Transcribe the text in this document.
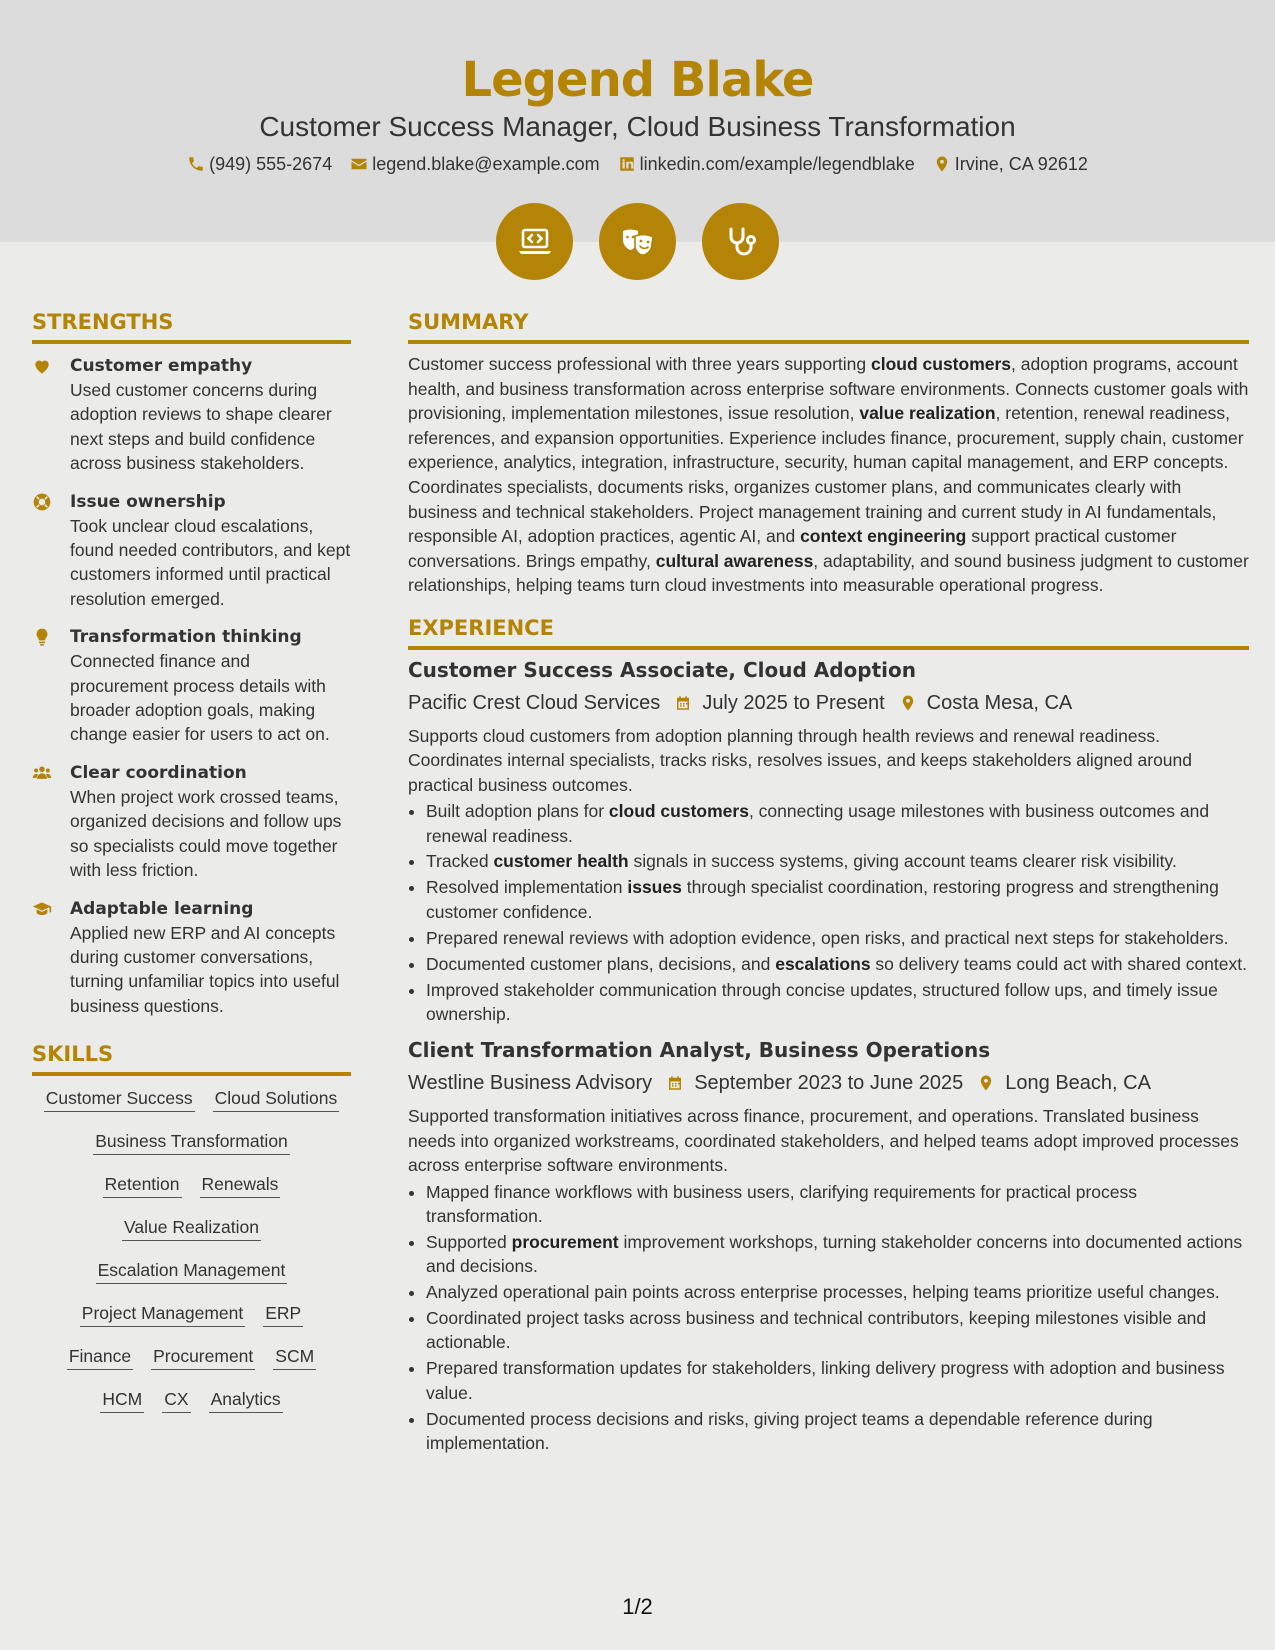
Legend Blake
Customer Success Manager, Cloud Business Transformation
(949) 555-2674 legend.blake@example.com linkedin.com/example/legendblake Irvine, CA 92612
STRENGTHS
Customer empathy
Used customer concerns during adoption reviews to shape clearer next steps and build confidence across business stakeholders.
Issue ownership
Took unclear cloud escalations, found needed contributors, and kept customers informed until practical resolution emerged.
Transformation thinking
Connected finance and procurement process details with broader adoption goals, making change easier for users to act on.
Clear coordination
When project work crossed teams, organized decisions and follow ups so specialists could move together with less friction.
Adaptable learning
Applied new ERP and AI concepts during customer conversations, turning unfamiliar topics into useful business questions.
SKILLS
Customer Success Cloud Solutions
Business Transformation
Retention Renewals
Value Realization
Escalation Management
Project Management ERP
Finance Procurement SCM
HCM CX Analytics
SUMMARY

Customer success professional with three years supporting cloud customers, adoption programs, account health, and business transformation across enterprise software environments. Connects customer goals with provisioning, implementation milestones, issue resolution, value realization, retention, renewal readiness, references, and expansion opportunities. Experience includes finance, procurement, supply chain, customer experience, analytics, integration, infrastructure, security, human capital management, and ERP concepts. Coordinates specialists, documents risks, organizes customer plans, and communicates clearly with business and technical stakeholders. Project management training and current study in AI fundamentals, responsible AI, adoption practices, agentic AI, and context engineering support practical customer conversations. Brings empathy, cultural awareness, adaptability, and sound business judgment to customer relationships, helping teams turn cloud investments into measurable operational progress.

EXPERIENCE
Customer Success Associate, Cloud Adoption
Pacific Crest Cloud Services July 2025 to Present Costa Mesa, CA
Supports cloud customers from adoption planning through health reviews and renewal readiness. Coordinates internal specialists, tracks risks, resolves issues, and keeps stakeholders aligned around practical business outcomes.
• Built adoption plans for cloud customers, connecting usage milestones with business outcomes and renewal readiness.
• Tracked customer health signals in success systems, giving account teams clearer risk visibility.
• Resolved implementation issues through specialist coordination, restoring progress and strengthening customer confidence.
• Prepared renewal reviews with adoption evidence, open risks, and practical next steps for stakeholders.
• Documented customer plans, decisions, and escalations so delivery teams could act with shared context.
• Improved stakeholder communication through concise updates, structured follow ups, and timely issue ownership.
Client Transformation Analyst, Business Operations
Westline Business Advisory September 2023 to June 2025 Long Beach, CA
Supported transformation initiatives across finance, procurement, and operations. Translated business needs into organized workstreams, coordinated stakeholders, and helped teams adopt improved processes across enterprise software environments.
• Mapped finance workflows with business users, clarifying requirements for practical process transformation.
• Supported procurement improvement workshops, turning stakeholder concerns into documented actions and decisions.
• Analyzed operational pain points across enterprise processes, helping teams prioritize useful changes.
• Coordinated project tasks across business and technical contributors, keeping milestones visible and actionable.
• Prepared transformation updates for stakeholders, linking delivery progress with adoption and business value.
• Documented process decisions and risks, giving project teams a dependable reference during implementation.
1/2
